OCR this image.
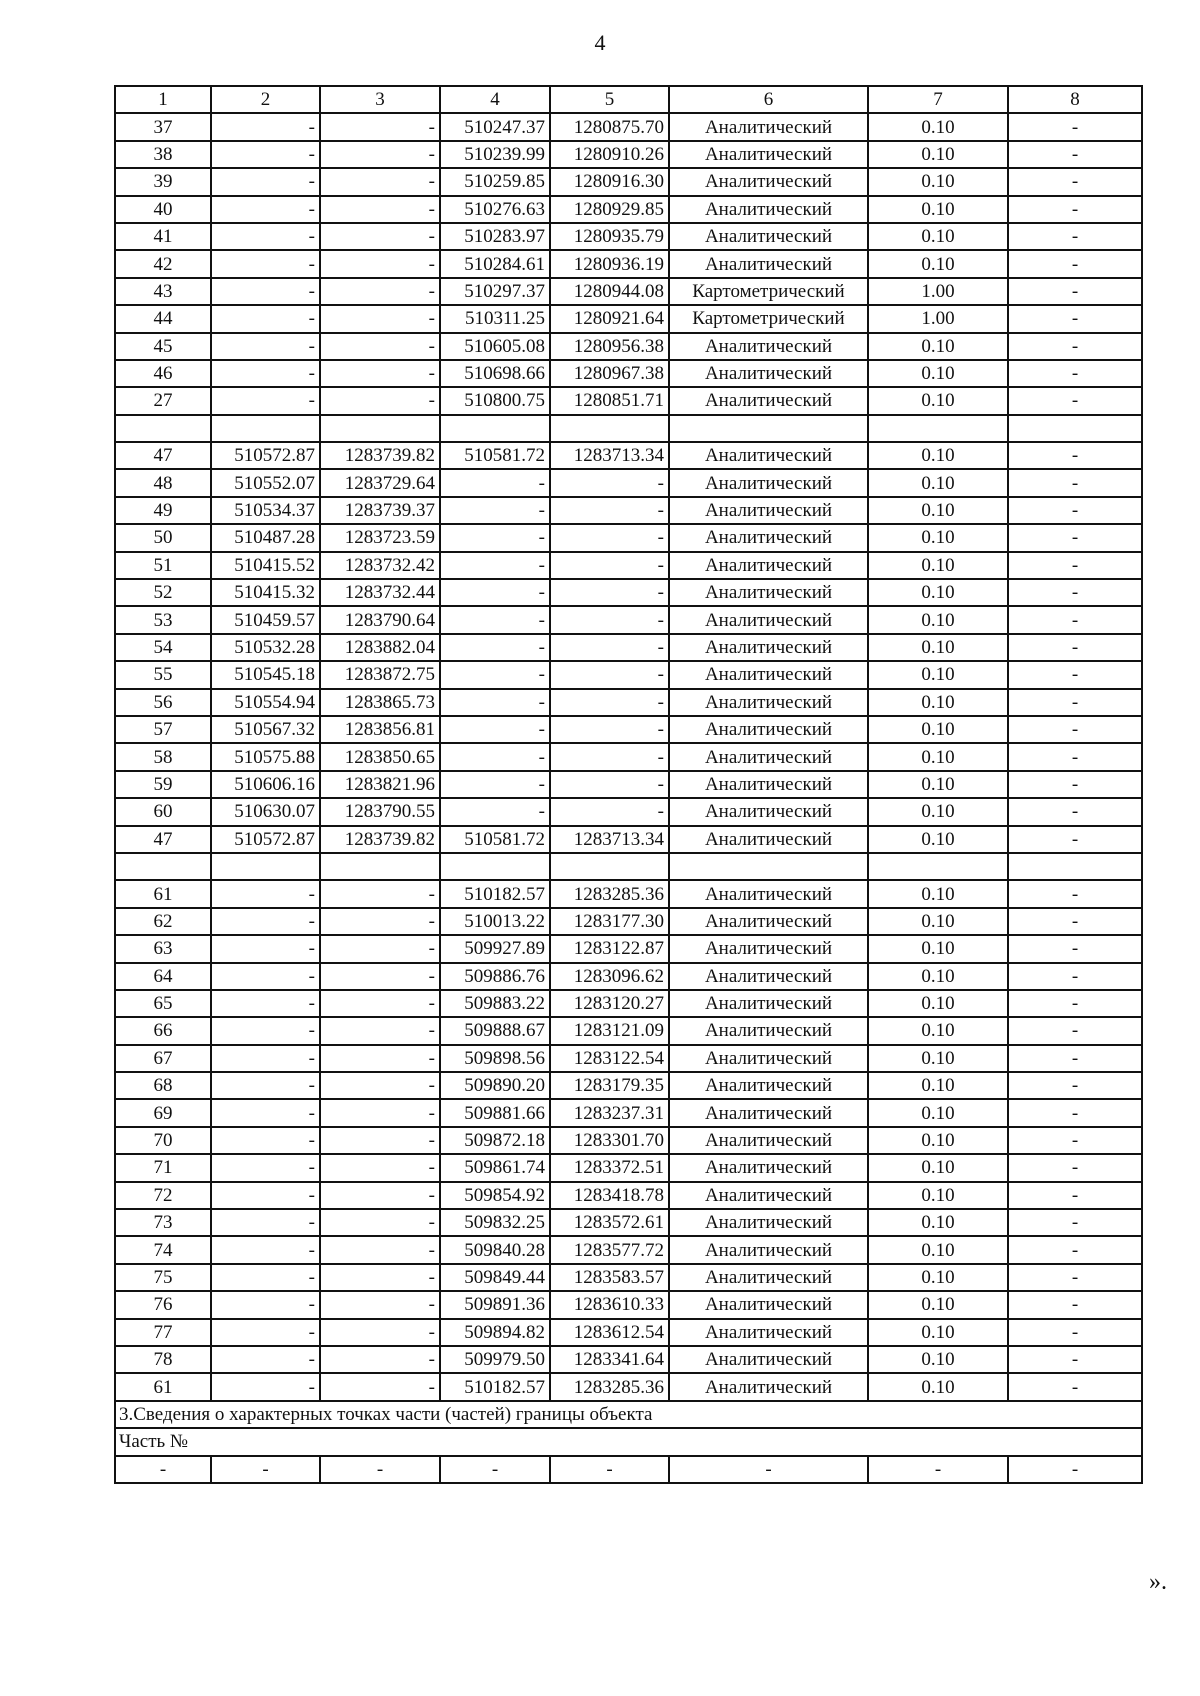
4
1	2	3	4	5	6	7	8
37	-	-	510247.37	1280875.70	Аналитический	0.10	-
38	-	-	510239.99	1280910.26	Аналитический	0.10	-
39	-	-	510259.85	1280916.30	Аналитический	0.10	-
40	-	-	510276.63	1280929.85	Аналитический	0.10	-
41	-	-	510283.97	1280935.79	Аналитический	0.10	-
42	-	-	510284.61	1280936.19	Аналитический	0.10	-
43	-	-	510297.37	1280944.08	Картометрический	1.00	-
44	-	-	510311.25	1280921.64	Картометрический	1.00	-
45	-	-	510605.08	1280956.38	Аналитический	0.10	-
46	-	-	510698.66	1280967.38	Аналитический	0.10	-
27	-	-	510800.75	1280851.71	Аналитический	0.10	-

47	510572.87	1283739.82	510581.72	1283713.34	Аналитический	0.10	-
48	510552.07	1283729.64	-	-	Аналитический	0.10	-
49	510534.37	1283739.37	-	-	Аналитический	0.10	-
50	510487.28	1283723.59	-	-	Аналитический	0.10	-
51	510415.52	1283732.42	-	-	Аналитический	0.10	-
52	510415.32	1283732.44	-	-	Аналитический	0.10	-
53	510459.57	1283790.64	-	-	Аналитический	0.10	-
54	510532.28	1283882.04	-	-	Аналитический	0.10	-
55	510545.18	1283872.75	-	-	Аналитический	0.10	-
56	510554.94	1283865.73	-	-	Аналитический	0.10	-
57	510567.32	1283856.81	-	-	Аналитический	0.10	-
58	510575.88	1283850.65	-	-	Аналитический	0.10	-
59	510606.16	1283821.96	-	-	Аналитический	0.10	-
60	510630.07	1283790.55	-	-	Аналитический	0.10	-
47	510572.87	1283739.82	510581.72	1283713.34	Аналитический	0.10	-

61	-	-	510182.57	1283285.36	Аналитический	0.10	-
62	-	-	510013.22	1283177.30	Аналитический	0.10	-
63	-	-	509927.89	1283122.87	Аналитический	0.10	-
64	-	-	509886.76	1283096.62	Аналитический	0.10	-
65	-	-	509883.22	1283120.27	Аналитический	0.10	-
66	-	-	509888.67	1283121.09	Аналитический	0.10	-
67	-	-	509898.56	1283122.54	Аналитический	0.10	-
68	-	-	509890.20	1283179.35	Аналитический	0.10	-
69	-	-	509881.66	1283237.31	Аналитический	0.10	-
70	-	-	509872.18	1283301.70	Аналитический	0.10	-
71	-	-	509861.74	1283372.51	Аналитический	0.10	-
72	-	-	509854.92	1283418.78	Аналитический	0.10	-
73	-	-	509832.25	1283572.61	Аналитический	0.10	-
74	-	-	509840.28	1283577.72	Аналитический	0.10	-
75	-	-	509849.44	1283583.57	Аналитический	0.10	-
76	-	-	509891.36	1283610.33	Аналитический	0.10	-
77	-	-	509894.82	1283612.54	Аналитический	0.10	-
78	-	-	509979.50	1283341.64	Аналитический	0.10	-
61	-	-	510182.57	1283285.36	Аналитический	0.10	-
3.Сведения о характерных точках части (частей) границы объекта							
Часть №							
-	-	-	-	-	-	-	-
».
